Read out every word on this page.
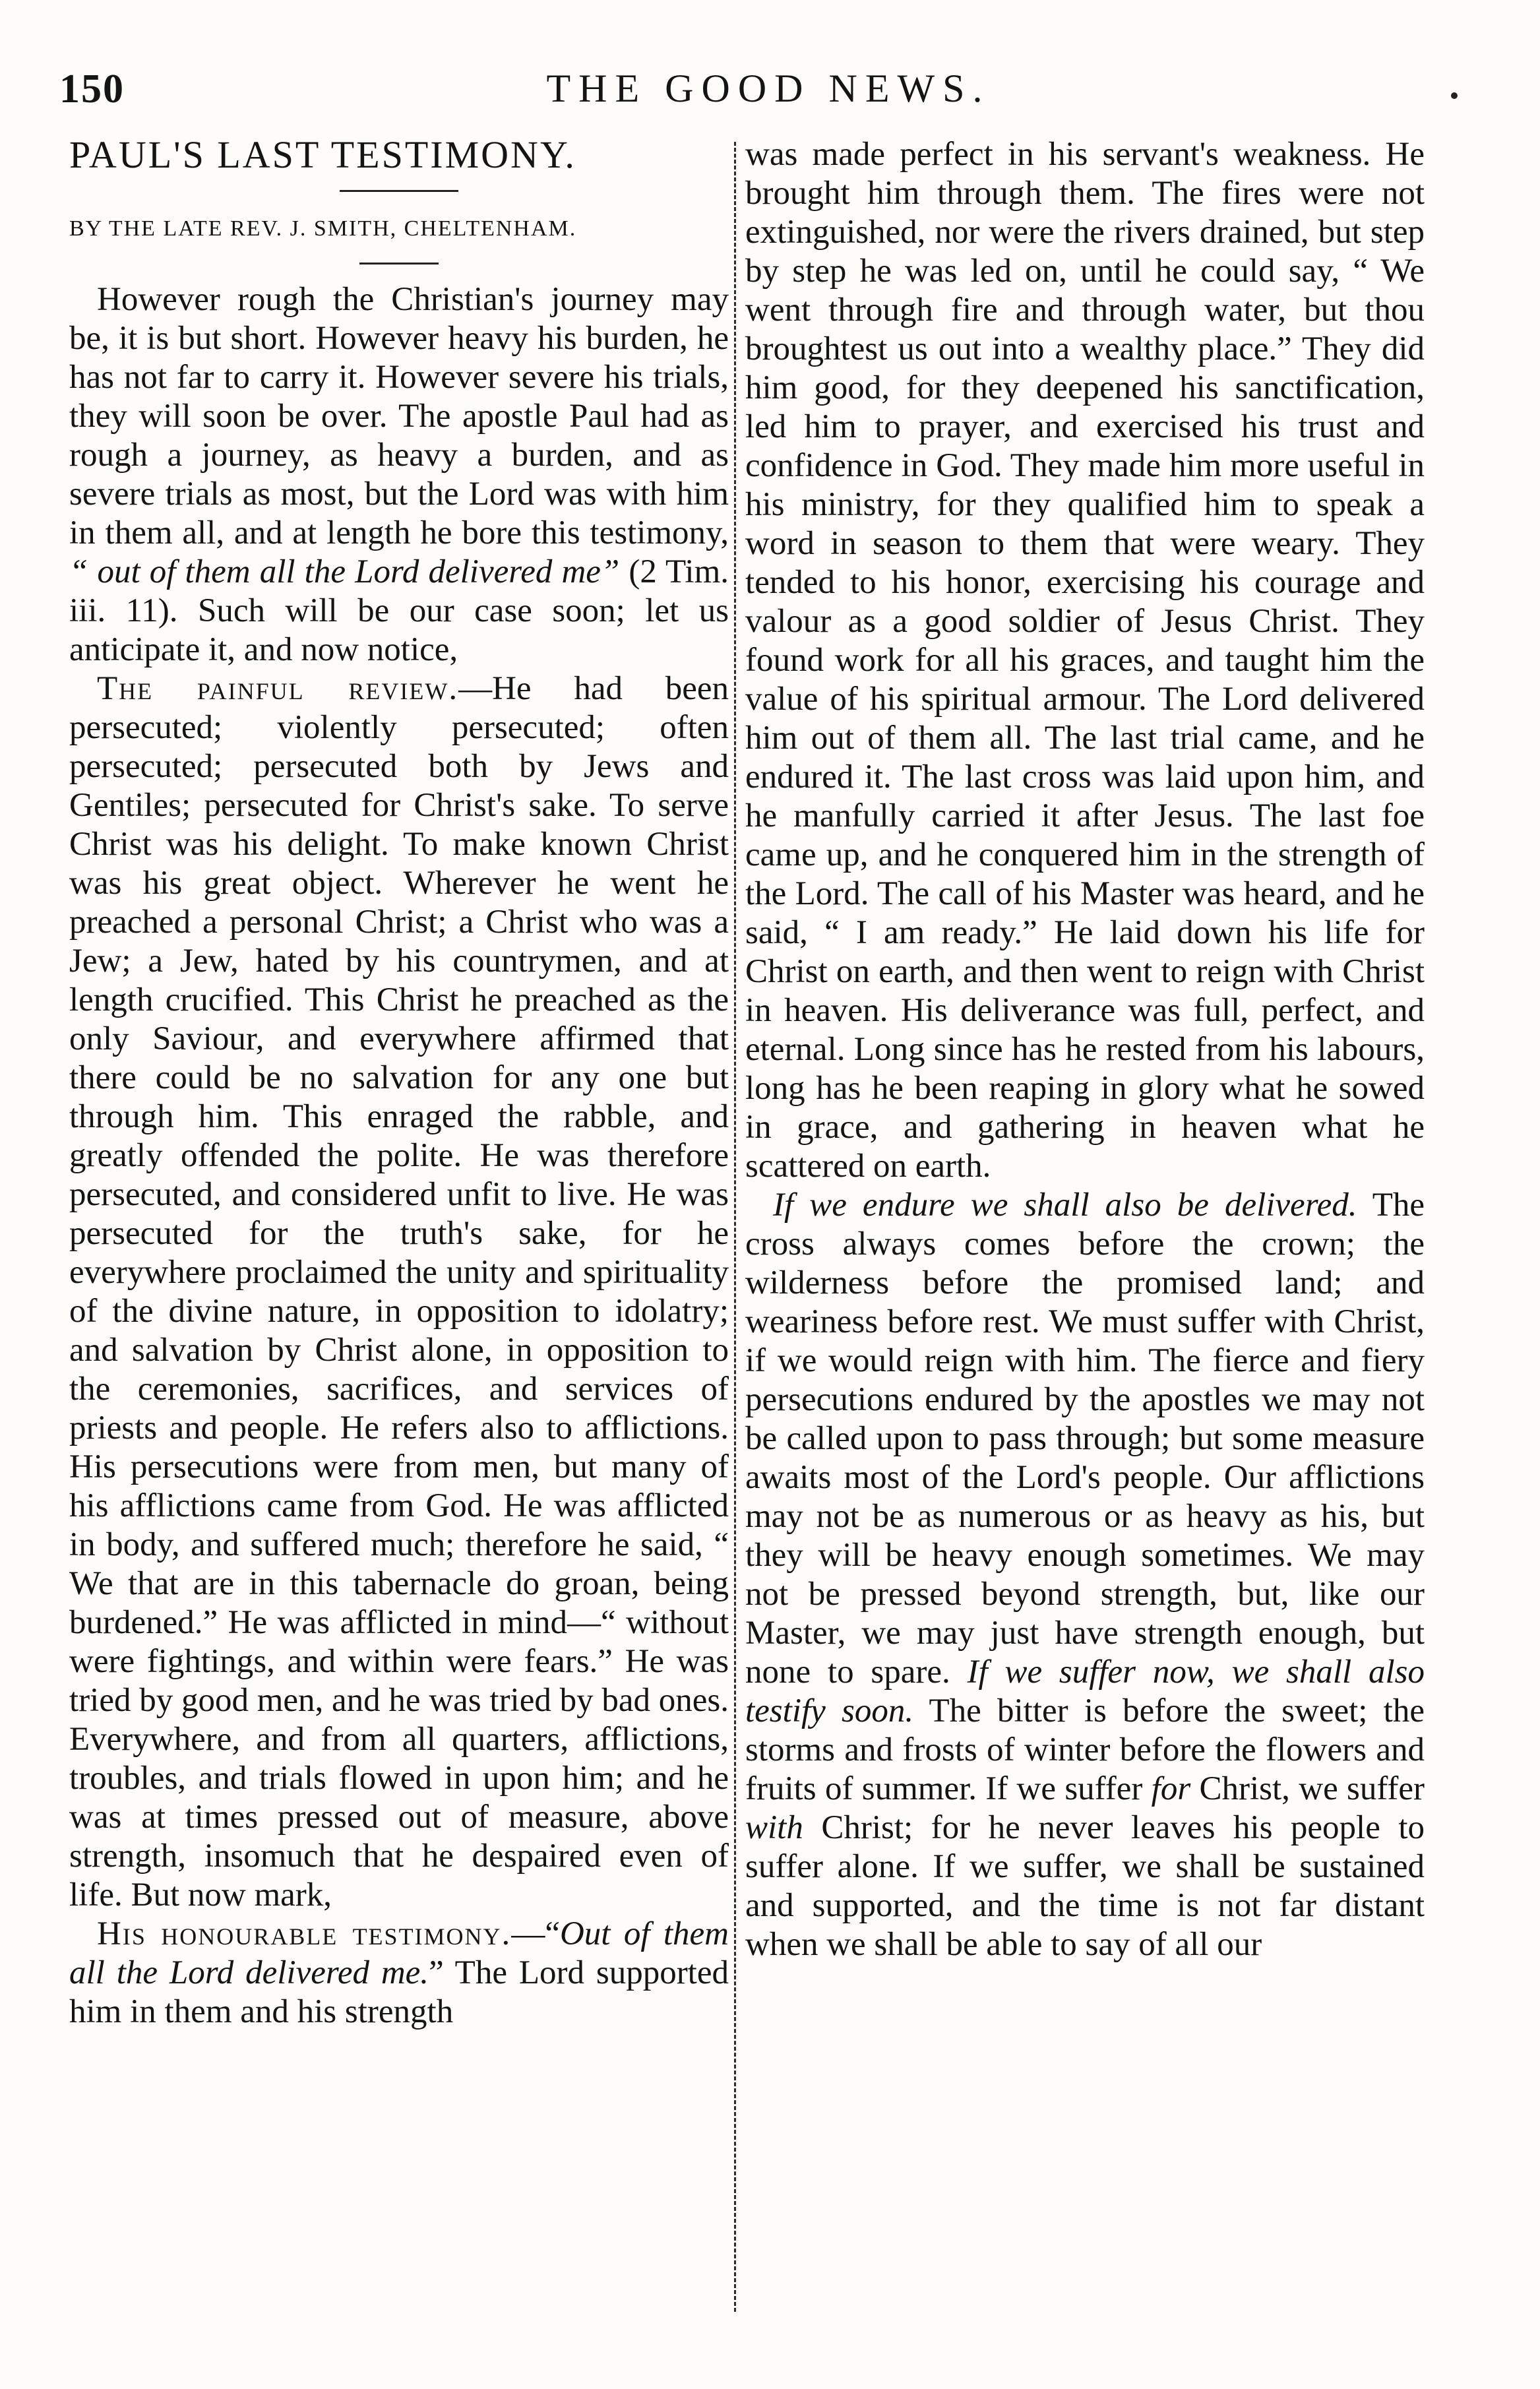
150	THE GOOD NEWS.

PAUL'S LAST TESTIMONY.

BY THE LATE REV. J. SMITH, CHELTENHAM.

However rough the Christian's journey may be, it is but short. However heavy his burden, he has not far to carry it. However severe his trials, they will soon be over. The apostle Paul had as rough a journey, as heavy a burden, and as severe trials as most, but the Lord was with him in them all, and at length he bore this testimony, “ out of them all the Lord delivered me” (2 Tim. iii. 11). Such will be our case soon; let us anticipate it, and now notice,

The painful review.—He had been persecuted; violently persecuted; often persecuted; persecuted both by Jews and Gentiles; persecuted for Christ's sake. To serve Christ was his delight. To make known Christ was his great object. Wherever he went he preached a personal Christ; a Christ who was a Jew; a Jew, hated by his countrymen, and at length crucified. This Christ he preached as the only Saviour, and everywhere affirmed that there could be no salvation for any one but through him. This enraged the rabble, and greatly offended the polite. He was therefore persecuted, and considered unfit to live. He was persecuted for the truth's sake, for he everywhere proclaimed the unity and spirituality of the divine nature, in opposition to idolatry; and salvation by Christ alone, in opposition to the ceremonies, sacrifices, and services of priests and people. He refers also to afflictions. His persecutions were from men, but many of his afflictions came from God. He was afflicted in body, and suffered much; therefore he said, “ We that are in this tabernacle do groan, being burdened.” He was afflicted in mind—“ without were fightings, and within were fears.” He was tried by good men, and he was tried by bad ones. Everywhere, and from all quarters, afflictions, troubles, and trials flowed in upon him; and he was at times pressed out of measure, above strength, insomuch that he despaired even of life. But now mark,

His honourable testimony.—“Out of them all the Lord delivered me.” The Lord supported him in them and his strength

was made perfect in his servant's weakness. He brought him through them. The fires were not extinguished, nor were the rivers drained, but step by step he was led on, until he could say, “ We went through fire and through water, but thou broughtest us out into a wealthy place.” They did him good, for they deepened his sanctification, led him to prayer, and exercised his trust and confidence in God. They made him more useful in his ministry, for they qualified him to speak a word in season to them that were weary. They tended to his honor, exercising his courage and valour as a good soldier of Jesus Christ. They found work for all his graces, and taught him the value of his spiritual armour. The Lord delivered him out of them all. The last trial came, and he endured it. The last cross was laid upon him, and he manfully carried it after Jesus. The last foe came up, and he conquered him in the strength of the Lord. The call of his Master was heard, and he said, “ I am ready.” He laid down his life for Christ on earth, and then went to reign with Christ in heaven. His deliverance was full, perfect, and eternal. Long since has he rested from his labours, long has he been reaping in glory what he sowed in grace, and gathering in heaven what he scattered on earth.

If we endure we shall also be delivered. The cross always comes before the crown; the wilderness before the promised land; and weariness before rest. We must suffer with Christ, if we would reign with him. The fierce and fiery persecutions endured by the apostles we may not be called upon to pass through; but some measure awaits most of the Lord's people. Our afflictions may not be as numerous or as heavy as his, but they will be heavy enough sometimes. We may not be pressed beyond strength, but, like our Master, we may just have strength enough, but none to spare. If we suffer now, we shall also testify soon. The bitter is before the sweet; the storms and frosts of winter before the flowers and fruits of summer. If we suffer for Christ, we suffer with Christ; for he never leaves his people to suffer alone. If we suffer, we shall be sustained and supported, and the time is not far distant when we shall be able to say of all our
